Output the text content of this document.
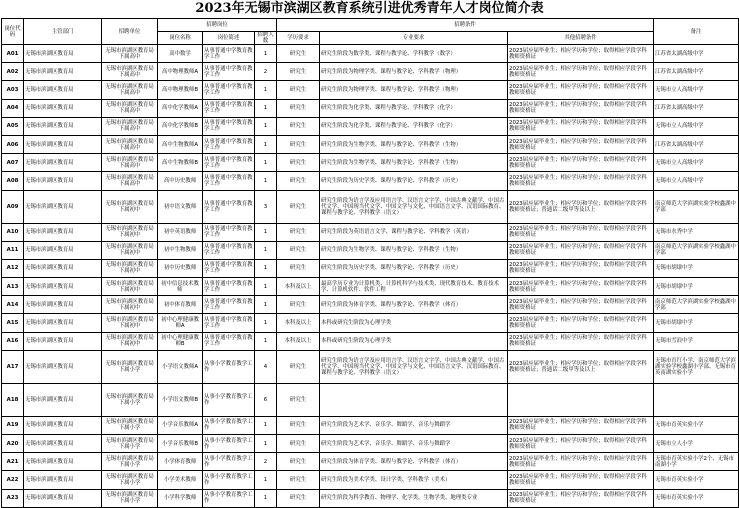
2023年无锡市滨湖区教育系统引进优秀青年人才岗位简介表
岗位代码	主管部门	招聘单位	招聘岗位			招聘条件			备注
			岗位名称	岗位简述	招聘人数	学历要求	专业要求	其他招聘条件	
A01	无锡市滨湖区教育局	无锡市滨湖区教育局下属高中	高中数学	从事普通中学教育教学工作	1	研究生	研究生阶段为数学类、课程与教学论、学科教学（数学）	2023届应届毕业生；相应学历和学位；取得相应学段学科教师资格证	江苏省太湖高级中学
A02	无锡市滨湖区教育局	无锡市滨湖区教育局下属高中	高中物理教师A	从事普通中学教育教学工作	2	研究生	研究生阶段为物理学类、课程与教学论、学科教学（物理）	2023届应届毕业生；相应学历和学位；取得相应学段学科教师资格证	江苏省太湖高级中学
A03	无锡市滨湖区教育局	无锡市滨湖区教育局下属高中	高中物理教师B	从事普通中学教育教学工作	1	研究生	研究生阶段为物理学类、课程与教学论、学科教学（物理）	2023届应届毕业生；相应学历和学位；取得相应学段学科教师资格证	无锡市立人高级中学
A04	无锡市滨湖区教育局	无锡市滨湖区教育局下属高中	高中化学教师A	从事普通中学教育教学工作	1	研究生	研究生阶段为化学类、课程与教学论、学科教学（化学）	2023届应届毕业生；相应学历和学位；取得相应学段学科教师资格证	江苏省太湖高级中学
A05	无锡市滨湖区教育局	无锡市滨湖区教育局下属高中	高中化学教师B	从事普通中学教育教学工作	1	研究生	研究生阶段为化学类、课程与教学论、学科教学（化学）	2023届应届毕业生；相应学历和学位；取得相应学段学科教师资格证	无锡市立人高级中学
A06	无锡市滨湖区教育局	无锡市滨湖区教育局下属高中	高中生物教师A	从事普通中学教育教学工作	1	研究生	研究生阶段为生物学类、课程与教学论、学科教学（生物）	2023届应届毕业生；相应学历和学位；取得相应学段学科教师资格证	江苏省太湖高级中学
A07	无锡市滨湖区教育局	无锡市滨湖区教育局下属高中	高中生物教师B	从事普通中学教育教学工作	1	研究生	研究生阶段为生物学类、课程与教学论、学科教学（生物）	2023届应届毕业生；相应学历和学位；取得相应学段学科教师资格证	无锡市立人高级中学
A08	无锡市滨湖区教育局	无锡市滨湖区教育局下属高中	高中历史教师	从事普通中学教育教学工作	1	研究生	研究生阶段为历史学类、课程与教学论、学科教学（历史）	2023届应届毕业生；相应学历和学位；取得相应学段学科教师资格证	无锡市立人高级中学
A09	无锡市滨湖区教育局	无锡市滨湖区教育局下属初中	初中语文教师	从事普通中学教育教学工作	3	研究生	研究生阶段为语言学及应用语言学、汉语言文字学、中国古典文献学、中国古代文学、中国现当代文学、中国文学与文化、中国语言文学、汉语国际教育、课程与教学论、学科教学（语文）	2023届应届毕业生；相应学历和学位；取得相应学段学科教师资格证；普通话二级甲等及以上	南京师范大学滨湖实验学校鑫湖中学部
A10	无锡市滨湖区教育局	无锡市滨湖区教育局下属初中	初中英语教师	从事普通中学教育教学工作	1	研究生	研究生阶段为英语语言文学、课程与教学论、学科教学（英语）	2023届应届毕业生；相应学历和学位；取得相应学段学科教师资格证	无锡市水秀中学
A11	无锡市滨湖区教育局	无锡市滨湖区教育局下属初中	初中生物教师	从事普通中学教育教学工作	1	研究生	研究生阶段为生物学类、课程与教学论、学科教学（生物）	2023届应届毕业生；相应学历和学位；取得相应学段学科教师资格证	南京师范大学滨湖实验学校鑫湖中学部
A12	无锡市滨湖区教育局	无锡市滨湖区教育局下属初中	初中历史教师	从事普通中学教育教学工作	1	研究生	研究生阶段为历史学类、课程与教学论、学科教学（历史）	2023届应届毕业生；相应学历和学位；取得相应学段学科教师资格证	无锡市胡埭中学
A13	无锡市滨湖区教育局	无锡市滨湖区教育局下属初中	初中信息技术教师	从事普通中学教育教学工作	1	本科及以上	最高学历专业为计算机类、计算机科学与技术类、现代教育技术、教育技术学、计算机软件、软件工程	2023届应届毕业生；相应学历和学位；取得相应学段学科教师资格证	无锡市胡埭中学
A14	无锡市滨湖区教育局	无锡市滨湖区教育局下属初中	初中体育教师	从事普通中学教育教学工作	1	研究生	研究生阶段为体育学类、课程与教学论、学科教学（体育）	2023届应届毕业生；相应学历和学位；取得相应学段学科教师资格证	南京师范大学滨湖实验学校鑫湖中学部
A15	无锡市滨湖区教育局	无锡市滨湖区教育局下属初中	初中心理健康教师A	从事普通中学教育教学工作	1	本科及以上	本科或研究生阶段为心理学类	2023届应届毕业生；相应学历和学位；取得相应学段学科教师资格证	无锡市胡埭中学
A16	无锡市滨湖区教育局	无锡市滨湖区教育局下属初中	初中心理健康教师B	从事普通中学教育教学工作	1	本科及以上	本科或研究生阶段为心理学类	2023届应届毕业生；相应学历和学位；取得相应学段学科教师资格证	无锡市雪浪中学
A17	无锡市滨湖区教育局	无锡市滨湖区教育局下属小学	小学语文教师A	从事小学教育教学工作	4	研究生	研究生阶段为语言学及应用语言学、汉语言文字学、中国古典文献学、中国古代文学、中国现当代文学、中国文学与文化、中国语言文学、汉语国际教育、课程与教学论、学科教学（语文）	2023届应届毕业生；相应学历和学位；取得相应学段学科教师资格证；普通话二级甲等及以上	无锡市育红小学、南京师范大学滨湖实验学校鑫湖小学部、无锡市育英南湖实验小学
A18	无锡市滨湖区教育局	无锡市滨湖区教育局下属小学	小学语文教师B	从事小学教育教学工作	6	研究生			
A19	无锡市滨湖区教育局	无锡市滨湖区教育局下属小学	小学音乐教师A	从事小学教育教学工作	1	研究生	研究生阶段为艺术学、音乐学、舞蹈学、音乐与舞蹈学	2023届应届毕业生；相应学历和学位；取得相应学段学科教师资格证	无锡市育英实验小学
A20	无锡市滨湖区教育局	无锡市滨湖区教育局下属小学	小学音乐教师B	从事小学教育教学工作	1	研究生	研究生阶段为艺术学、音乐学、舞蹈学、音乐与舞蹈学	2023届应届毕业生；相应学历和学位；取得相应学段学科教师资格证	无锡市立人小学
A21	无锡市滨湖区教育局	无锡市滨湖区教育局下属小学	小学体育教师	从事小学教育教学工作	2	研究生	研究生阶段为体育学类、课程与教学论、学科教学（体育）	2023届应届毕业生；相应学历和学位；取得相应学段学科教师资格证	无锡市育英实验小学2个、无锡市南湖小学
A22	无锡市滨湖区教育局	无锡市滨湖区教育局下属小学	小学美术教师	从事小学教育教学工作	1	研究生	研究生阶段为美术学类、设计学类、学科教学（美术）	2023届应届毕业生；相应学历和学位；取得相应学段学科教师资格证	无锡市育英实验小学
A23	无锡市滨湖区教育局	无锡市滨湖区教育局下属小学	小学科学教师	从事小学教育教学工作	1	研究生	研究生阶段为科学教育、物理学、化学类、生物学类、地理类专业	2023届应届毕业生；相应学历和学位；取得相应学段学科教师资格证	无锡市育英实验小学
